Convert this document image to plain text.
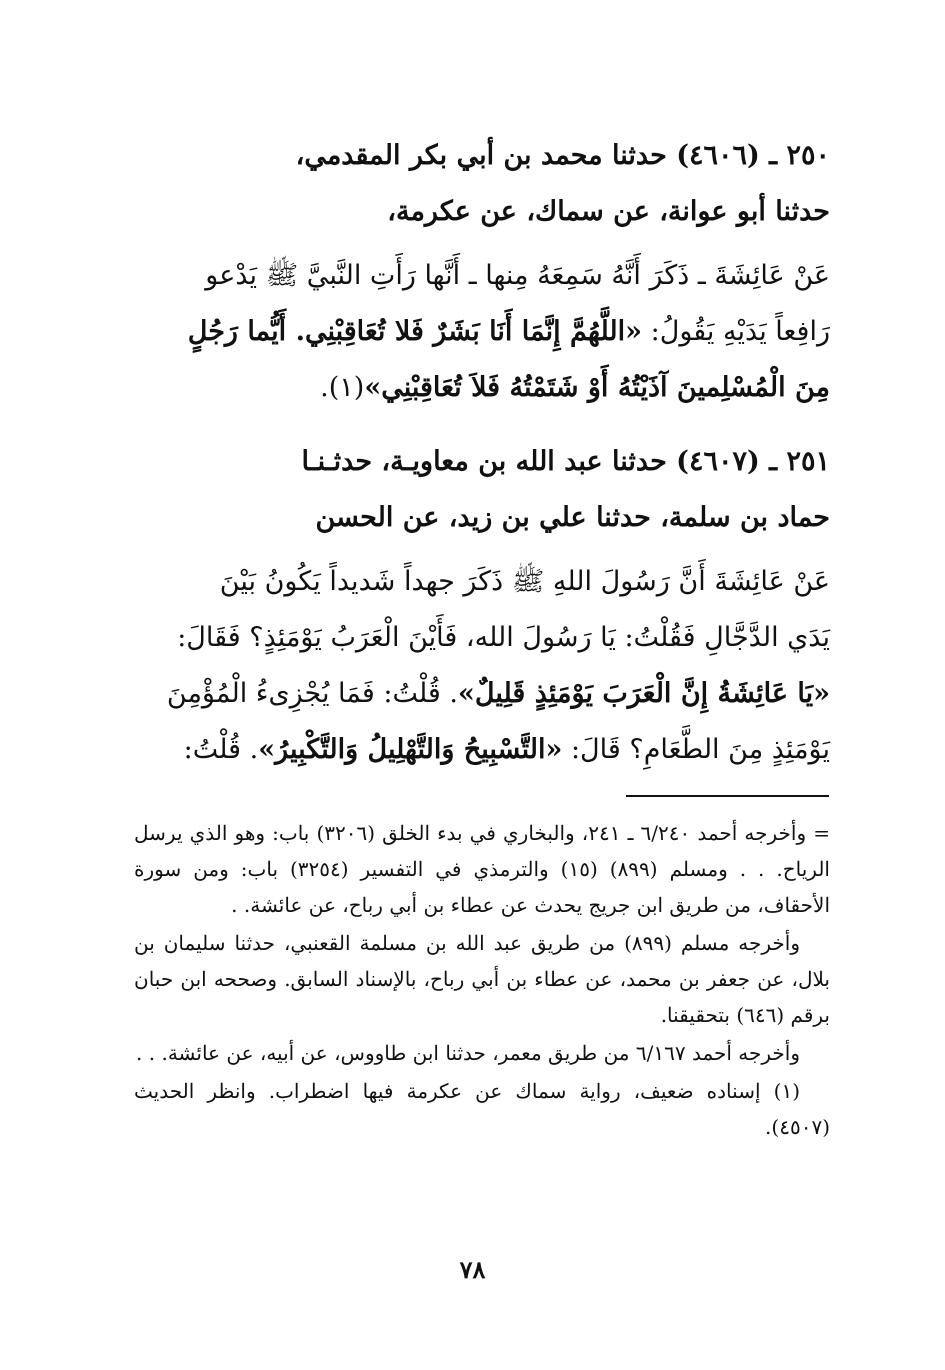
٢٥٠ ـ (٤٦٠٦) حدثنا محمد بن أبي بكر المقدمي،
حدثنا أبو عوانة، عن سماك، عن عكرمة،
عَنْ عَائِشَةَ ـ ذَكَرَ أَنَّهُ سَمِعَهُ مِنها ـ أَنَّها رَأَتِ النَّبيَّ ﷺ يَدْعو
رَافِعاً يَدَيْهِ يَقُولُ: «اللَّهُمَّ إِنَّمَا أَنَا بَشَرٌ فَلا تُعَاقِبْنِي. أَيُّما رَجُلٍ
مِنَ الْمُسْلِمينَ آذَيْتُهُ أَوْ شَتَمْتُهُ فَلاَ تُعَاقِبْنِي»(١).
٢٥١ ـ (٤٦٠٧) حدثنا عبد الله بن معاويـة، حدثـنـا
حماد بن سلمة، حدثنا علي بن زيد، عن الحسن
عَنْ عَائِشَةَ أَنَّ رَسُولَ اللهِ ﷺ ذَكَرَ جهداً شَديداً يَكُونُ بَيْنَ
يَدَي الدَّجَّالِ فَقُلْتُ: يَا رَسُولَ الله، فَأَيْنَ الْعَرَبُ يَوْمَئِذٍ؟ فَقَالَ:
«يَا عَائِشَةُ إِنَّ الْعَرَبَ يَوْمَئِذٍ قَلِيلٌ». قُلْتُ: فَمَا يُجْزِىءُ الْمُؤْمِنَ
يَوْمَئِذٍ مِنَ الطَّعَامِ؟ قَالَ: «التَّسْبِيحُ وَالتَّهْلِيلُ وَالتَّكْبِيرُ». قُلْتُ:

= وأخرجه أحمد ٦/٢٤٠ ـ ٢٤١، والبخاري في بدء الخلق (٣٢٠٦) باب: وهو الذي يرسل الرياح. . . ومسلم (٨٩٩) (١٥) والترمذي في التفسير (٣٢٥٤) باب: ومن سورة الأحقاف، من طريق ابن جريج يحدث عن عطاء بن أبي رباح، عن عائشة. .

وأخرجه مسلم (٨٩٩) من طريق عبد الله بن مسلمة القعنبي، حدثنا سليمان بن بلال، عن جعفر بن محمد، عن عطاء بن أبي رباح، بالإسناد السابق. وصححه ابن حبان برقم (٦٤٦) بتحقيقنا.

وأخرجه أحمد ٦/١٦٧ من طريق معمر، حدثنا ابن طاووس، عن أبيه، عن عائشة. . .

(١) إسناده ضعيف، رواية سماك عن عكرمة فيها اضطراب. وانظر الحديث (٤٥٠٧).

٧٨
